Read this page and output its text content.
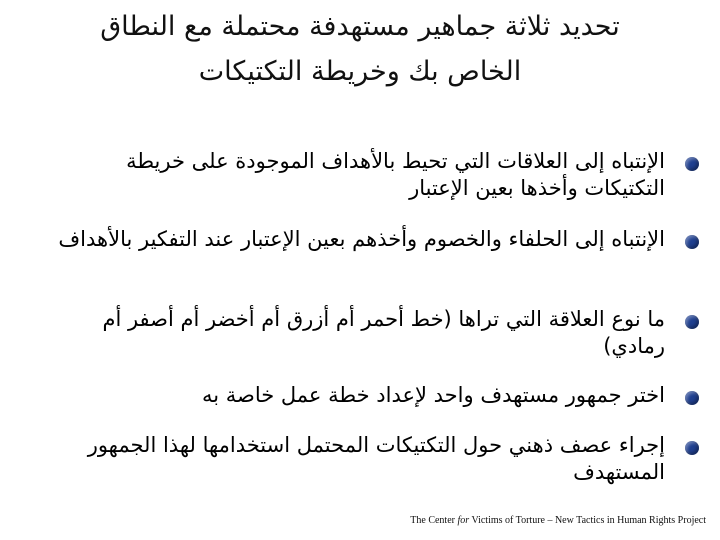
تحديد ثلاثة جماهير مستهدفة محتملة مع النطاق
الخاص بك وخريطة التكتيكات
الإنتباه إلى العلاقات التي تحيط بالأهداف الموجودة على خريطة التكتيكات وأخذها بعين الإعتبار
الإنتباه إلى الحلفاء والخصوم وأخذهم بعين الإعتبار عند التفكير بالأهداف
ما نوع العلاقة التي تراها (خط أحمر أم أزرق أم أخضر أم أصفر أم رمادي)
اختر جمهور مستهدف واحد لإعداد خطة عمل خاصة به
إجراء عصف ذهني حول التكتيكات المحتمل استخدامها لهذا الجمهور المستهدف
The Center for Victims of Torture – New Tactics in Human Rights Project
